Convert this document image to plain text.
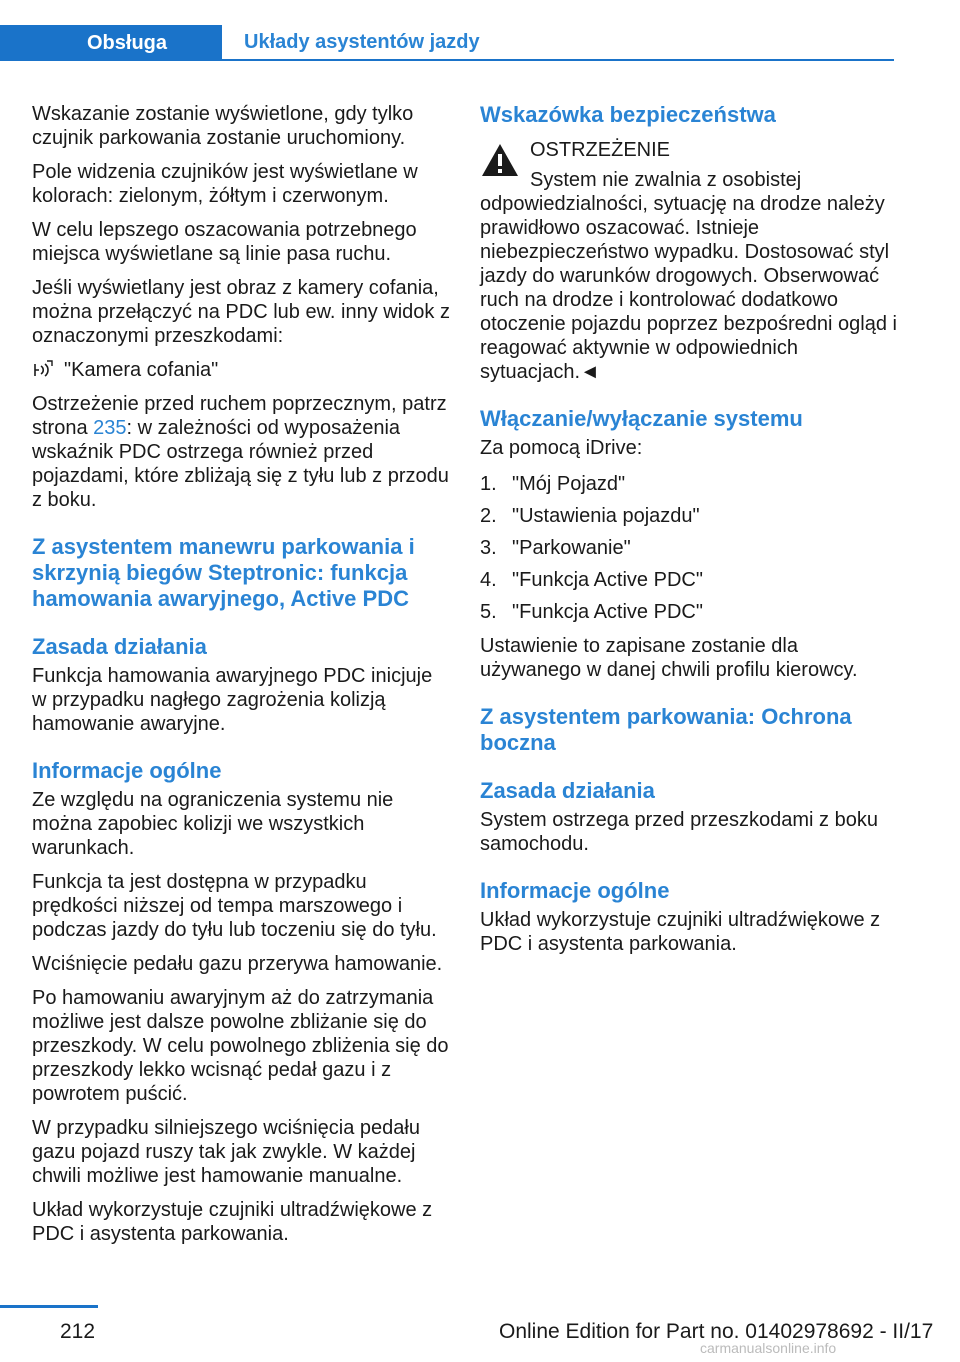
Obsługa	Układy asystentów jazdy

Wskazanie zostanie wyświetlone, gdy tylko czujnik parkowania zostanie uruchomiony.

Pole widzenia czujników jest wyświetlane w kolorach: zielonym, żółtym i czerwonym.

W celu lepszego oszacowania potrzebnego miejsca wyświetlane są linie pasa ruchu.

Jeśli wyświetlany jest obraz z kamery cofania, można przełączyć na PDC lub ew. inny widok z oznaczonymi przeszkodami:

"Kamera cofania"

Ostrzeżenie przed ruchem poprzecznym, patrz strona 235: w zależności od wyposażenia wskaźnik PDC ostrzega również przed pojazdami, które zbliżają się z tyłu lub z przodu z boku.

Z asystentem manewru parkowania i skrzynią biegów Steptronic: funkcja hamowania awaryjnego, Active PDC
Zasada działania

Funkcja hamowania awaryjnego PDC inicjuje w przypadku nagłego zagrożenia kolizją hamowanie awaryjne.

Informacje ogólne

Ze względu na ograniczenia systemu nie można zapobiec kolizji we wszystkich warunkach.

Funkcja ta jest dostępna w przypadku prędkości niższej od tempa marszowego i podczas jazdy do tyłu lub toczeniu się do tyłu.

Wciśnięcie pedału gazu przerywa hamowanie.

Po hamowaniu awaryjnym aż do zatrzymania możliwe jest dalsze powolne zbliżanie się do przeszkody. W celu powolnego zbliżenia się do przeszkody lekko wcisnąć pedał gazu i z powrotem puścić.

W przypadku silniejszego wciśnięcia pedału gazu pojazd ruszy tak jak zwykle. W każdej chwili możliwe jest hamowanie manualne.

Układ wykorzystuje czujniki ultradźwiękowe z PDC i asystenta parkowania.

Wskazówka bezpieczeństwa

OSTRZEŻENIE

System nie zwalnia z osobistej odpowiedzialności, sytuację na drodze należy prawidłowo oszacować. Istnieje niebezpieczeństwo wypadku. Dostosować styl jazdy do warunków drogowych. Obserwować ruch na drodze i kontrolować dodatkowo otoczenie pojazdu poprzez bezpośredni ogląd i reagować aktywnie w odpowiednich sytuacjach.◄

Włączanie/wyłączanie systemu

Za pomocą iDrive:

1. "Mój Pojazd"
2. "Ustawienia pojazdu"
3. "Parkowanie"
4. "Funkcja Active PDC"
5. "Funkcja Active PDC"

Ustawienie to zapisane zostanie dla używanego w danej chwili profilu kierowcy.

Z asystentem parkowania: Ochrona boczna
Zasada działania

System ostrzega przed przeszkodami z boku samochodu.

Informacje ogólne

Układ wykorzystuje czujniki ultradźwiękowe z PDC i asystenta parkowania.

212	Online Edition for Part no. 01402978692 - II/17
carmanualsonline.info
